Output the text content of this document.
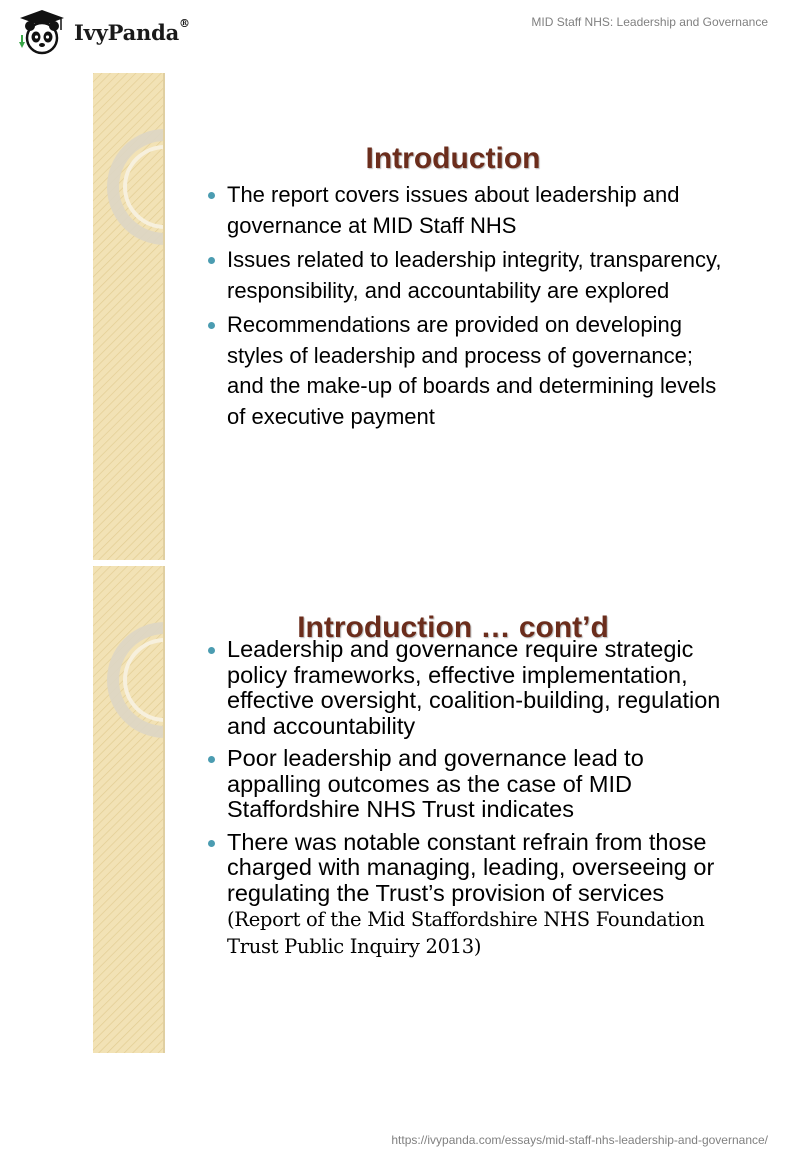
IvyPanda®	MID Staff NHS: Leadership and Governance
Introduction
The report covers issues about leadership and governance at MID Staff NHS
Issues related to leadership integrity, transparency, responsibility, and accountability are explored
Recommendations are provided on developing styles of leadership and process of governance; and the make-up of boards and determining levels of executive payment
Introduction … cont’d
Leadership and governance require strategic policy frameworks, effective implementation, effective oversight, coalition-building, regulation and accountability
Poor leadership and governance lead to appalling outcomes as the case of MID Staffordshire NHS Trust indicates
There was notable constant refrain from those charged with managing, leading, overseeing or regulating the Trust’s provision of services (Report of the Mid Staffordshire NHS Foundation Trust Public Inquiry 2013)
https://ivypanda.com/essays/mid-staff-nhs-leadership-and-governance/
